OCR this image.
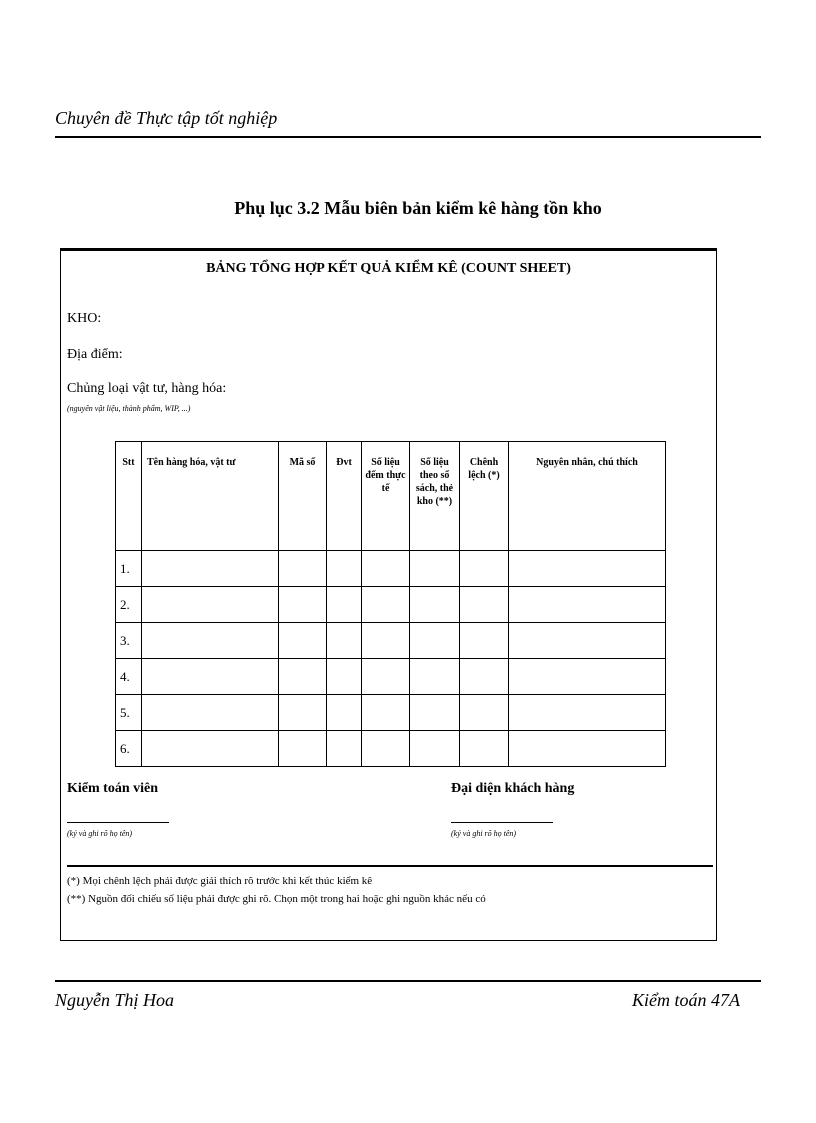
Chuyên đề Thực tập tốt nghiệp
Phụ lục 3.2 Mẫu biên bản kiểm kê hàng tồn kho
BẢNG TỔNG HỢP KẾT QUẢ KIỂM KÊ (COUNT SHEET)
KHO:
Địa điểm:
Chủng loại vật tư, hàng hóa:
(nguyên vật liệu, thành phẩm, WIP, ...)
Stt	Tên hàng hóa, vật tư	Mã số	Đvt	Số liệu đếm thực tế	Số liệu theo sổ sách, thẻ kho (**)	Chênh lệch (*)	Nguyên nhân, chú thích
1.							
2.							
3.							
4.							
5.							
6.							
Kiểm toán viên
(ký và ghi rõ họ tên)
Đại diện khách hàng
(ký và ghi rõ họ tên)
(*) Mọi chênh lệch phải được giải thích rõ trước khi kết thúc kiểm kê
(**) Nguồn đối chiếu số liệu phải được ghi rõ. Chọn một trong hai hoặc ghi nguồn khác nếu có
Nguyễn Thị Hoa	Kiểm toán 47A
